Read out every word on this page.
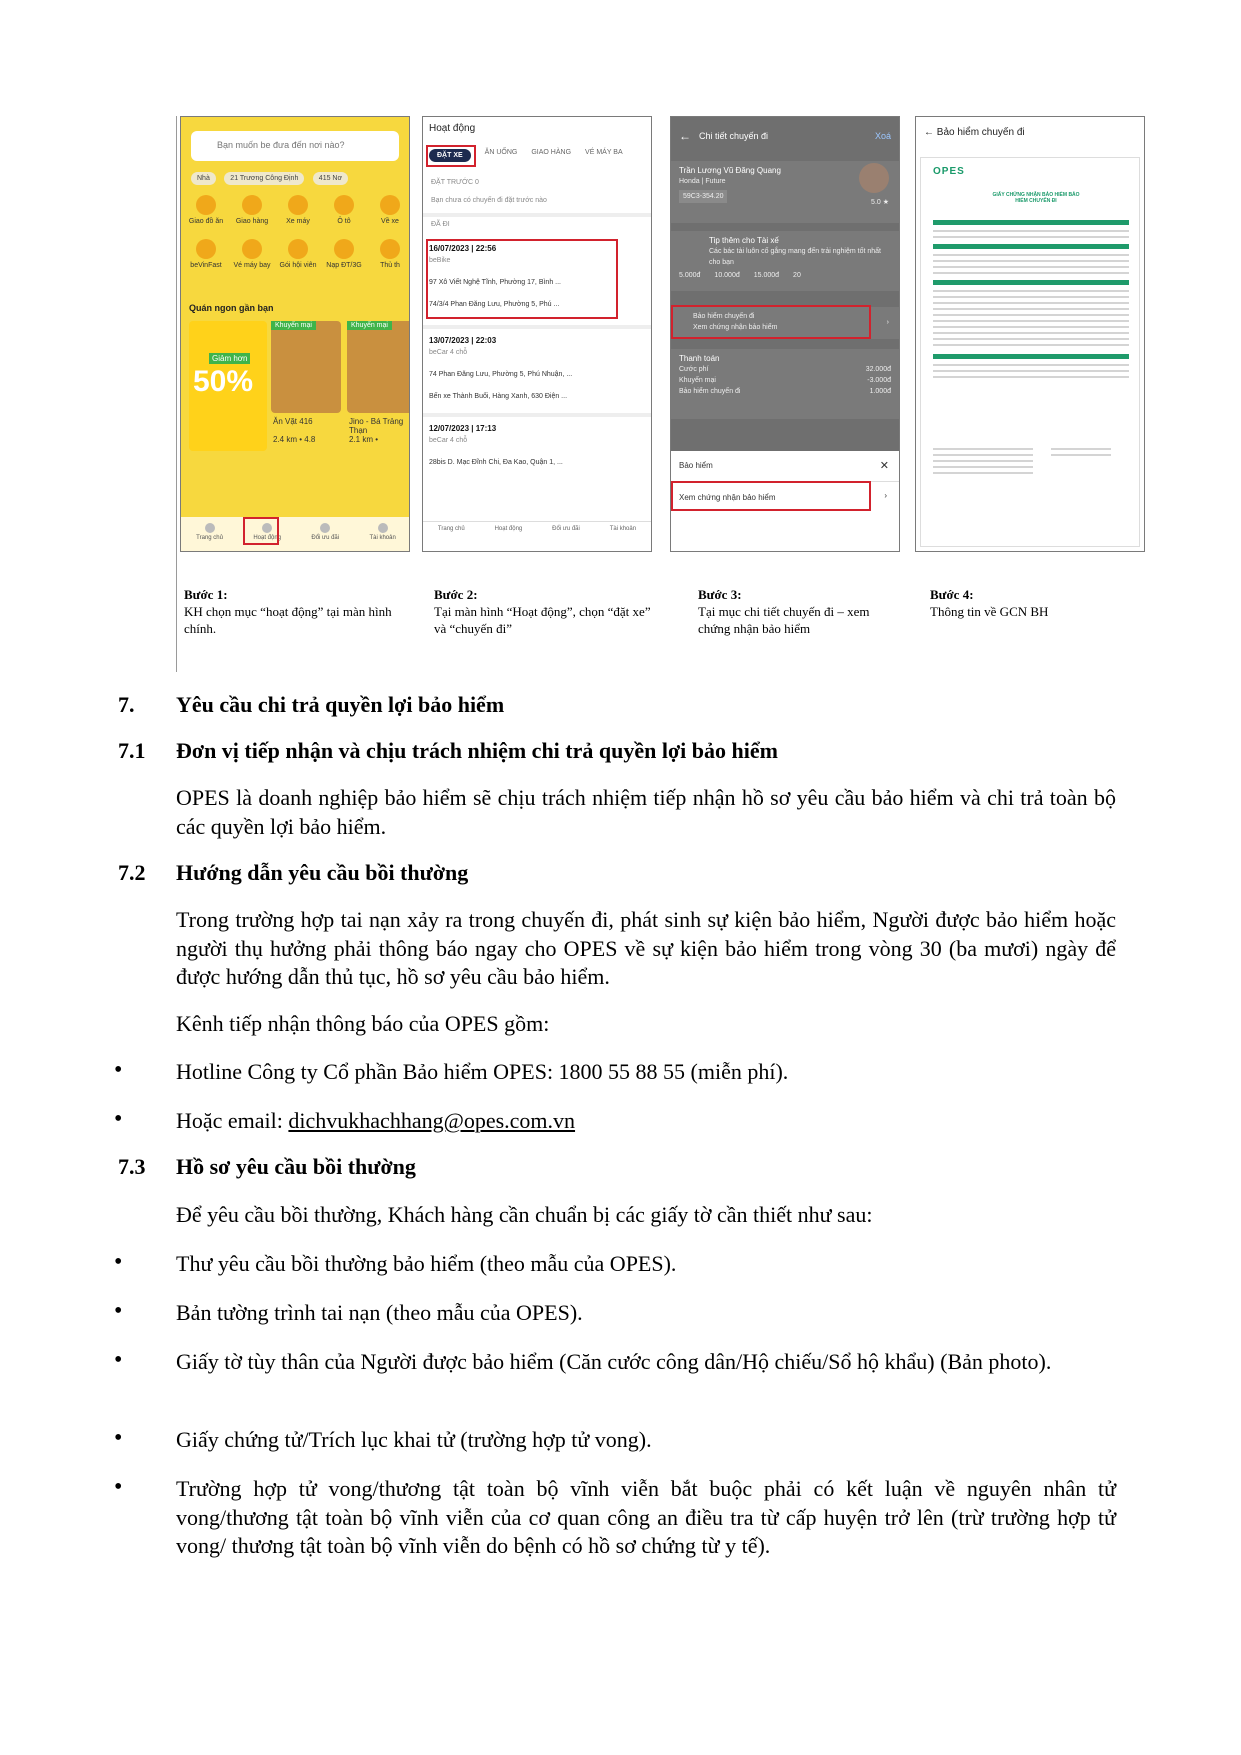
Bạn muốn be đưa đến nơi nào?
Nhà	21 Trương Công Định	415 Nơ
Giao đồ ăn	Giao hàng	Xe máy	Ô tô	Về xe
beVinFast	Vé máy bay Gói hội viên Nạp ĐT/3G	Thủ th
Quán ngon gần bạn
Giảm hơn
50%
Khuyến mại	Khuyến mại
Ăn Vặt 416
2.4 km • 4.8
Jino - Bá Trảng Thạn
2.1 km •
Trang chủ	Hoạt động	Đổi ưu đãi	Tài khoản
Hoạt động
ĐẶT XE	ĂN UỐNG GIAO HÀNG VÉ MÁY BA
ĐẶT TRƯỚC 0
Bạn chưa có chuyến đi đặt trước nào
ĐÃ ĐI
16/07/2023 | 22:56
beBike

97 Xô Viết Nghệ Tĩnh, Phường 17, Bình ...

74/3/4 Phan Đăng Lưu, Phường 5, Phú ...
13/07/2023 | 22:03
beCar 4 chỗ

74 Phan Đăng Lưu, Phường 5, Phú Nhuận, ...

Bến xe Thành Buổi, Hàng Xanh, 630 Điện ...
12/07/2023 | 17:13
beCar 4 chỗ

28bis D. Mạc Đĩnh Chi, Đa Kao, Quận 1, ...
Trang chủ	Hoạt động	Đổi ưu đãi	Tài khoản
← Chi tiết chuyến đi	Xoá
Trần Lương Vũ Đăng Quang
Honda | Future
59C3-354.20
5.0 ★
Tip thêm cho Tài xế
Các bác tài luôn cố gắng mang đến trải nghiệm tốt nhất cho bạn
5.000đ 10.000đ 15.000đ 20
Bảo hiểm chuyến đi
Xem chứng nhận bảo hiểm
›
Thanh toán
Cước phí	32.000đ
Khuyến mại	-3.000đ
Bảo hiểm chuyến đi	1.000đ
Bảo hiểm	✕
Xem chứng nhận bảo hiểm	›
← Bảo hiểm chuyến đi
OPES
GIẤY CHỨNG NHẬN BẢO HIỂM BẢO HIỂM CHUYẾN ĐI
Bước 1:
KH chọn mục “hoạt động” tại màn hình chính.
Bước 2:
Tại màn hình “Hoạt động”, chọn “đặt xe” và “chuyến đi”
Bước 3:
Tại mục chi tiết chuyến đi – xem chứng nhận bảo hiểm
Bước 4:
Thông tin về GCN BH
7. Yêu cầu chi trả quyền lợi bảo hiểm
7.1 Đơn vị tiếp nhận và chịu trách nhiệm chi trả quyền lợi bảo hiểm
OPES là doanh nghiệp bảo hiểm sẽ chịu trách nhiệm tiếp nhận hồ sơ yêu cầu bảo hiểm và chi trả toàn bộ các quyền lợi bảo hiểm.
7.2 Hướng dẫn yêu cầu bồi thường
Trong trường hợp tai nạn xảy ra trong chuyến đi, phát sinh sự kiện bảo hiểm, Người được bảo hiểm hoặc người thụ hưởng phải thông báo ngay cho OPES về sự kiện bảo hiểm trong vòng 30 (ba mươi) ngày để được hướng dẫn thủ tục, hồ sơ yêu cầu bảo hiểm.
Kênh tiếp nhận thông báo của OPES gồm:
• Hotline Công ty Cổ phần Bảo hiểm OPES: 1800 55 88 55 (miễn phí).
• Hoặc email: dichvukhachhang@opes.com.vn
7.3 Hồ sơ yêu cầu bồi thường
Để yêu cầu bồi thường, Khách hàng cần chuẩn bị các giấy tờ cần thiết như sau:
• Thư yêu cầu bồi thường bảo hiểm (theo mẫu của OPES).
• Bản tường trình tai nạn (theo mẫu của OPES).
• Giấy tờ tùy thân của Người được bảo hiểm (Căn cước công dân/Hộ chiếu/Sổ hộ khẩu) (Bản photo).
• Giấy chứng tử/Trích lục khai tử (trường hợp tử vong).
• Trường hợp tử vong/thương tật toàn bộ vĩnh viễn bắt buộc phải có kết luận về nguyên nhân tử vong/thương tật toàn bộ vĩnh viễn của cơ quan công an điều tra từ cấp huyện trở lên (trừ trường hợp tử vong/ thương tật toàn bộ vĩnh viễn do bệnh có hồ sơ chứng từ y tế).
